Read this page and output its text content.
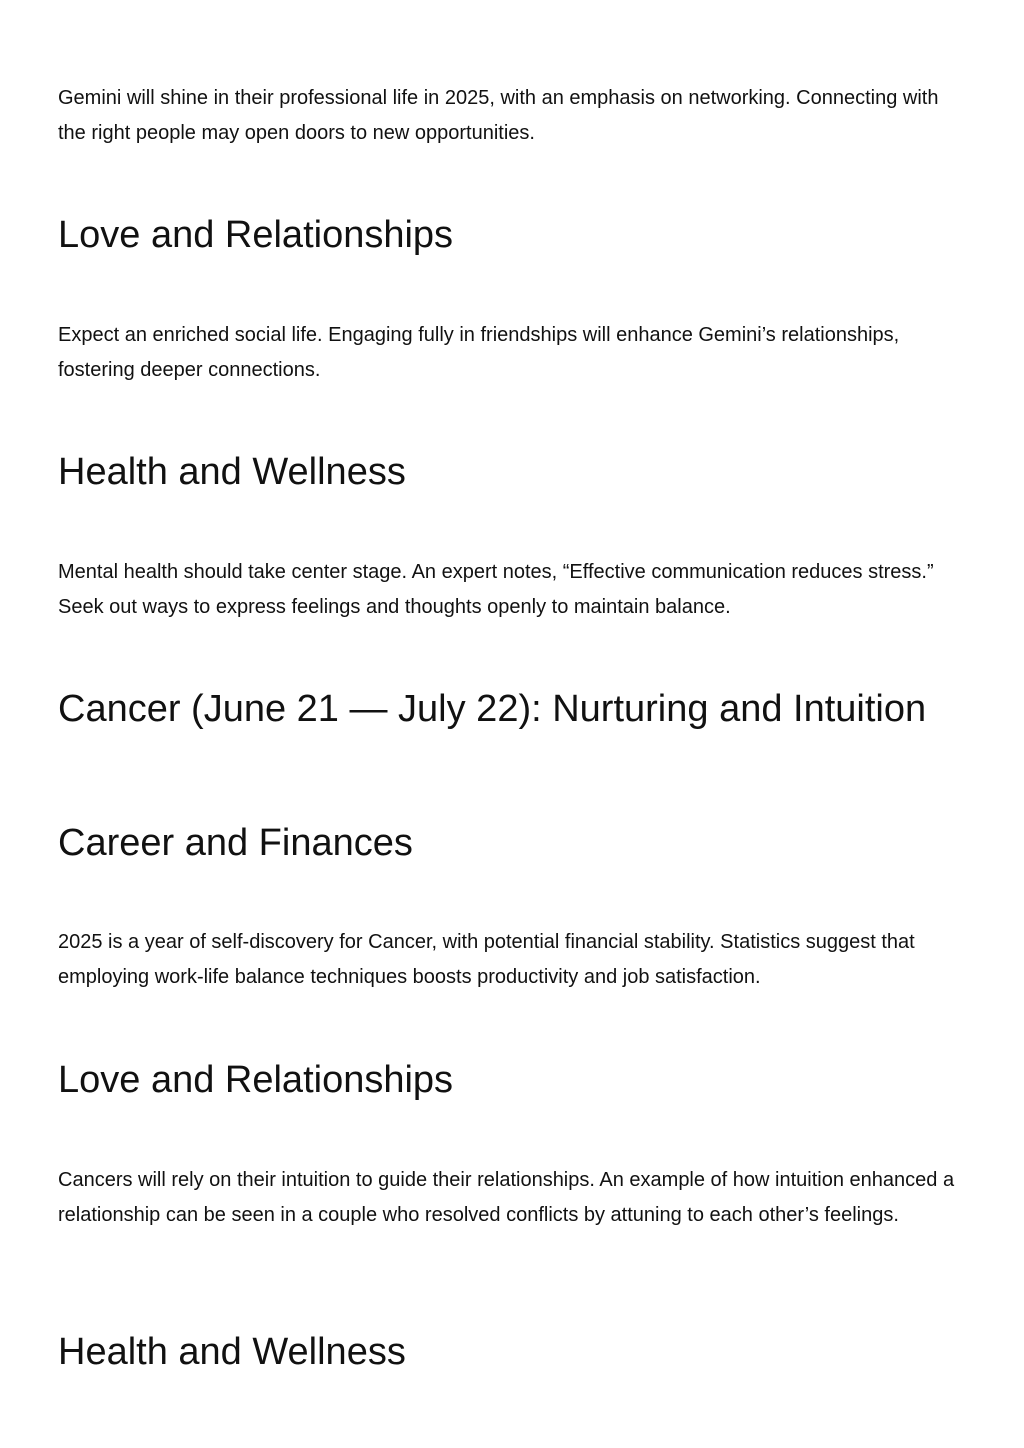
Gemini will shine in their professional life in 2025, with an emphasis on networking. Connecting with the right people may open doors to new opportunities.

Love and Relationships

Expect an enriched social life. Engaging fully in friendships will enhance Gemini’s relationships, fostering deeper connections.

Health and Wellness

Mental health should take center stage. An expert notes, “Effective communication reduces stress.” Seek out ways to express feelings and thoughts openly to maintain balance.

Cancer (June 21 — July 22): Nurturing and Intuition
Career and Finances

2025 is a year of self-discovery for Cancer, with potential financial stability. Statistics suggest that employing work-life balance techniques boosts productivity and job satisfaction.

Love and Relationships

Cancers will rely on their intuition to guide their relationships. An example of how intuition enhanced a relationship can be seen in a couple who resolved conflicts by attuning to each other’s feelings.

Health and Wellness
